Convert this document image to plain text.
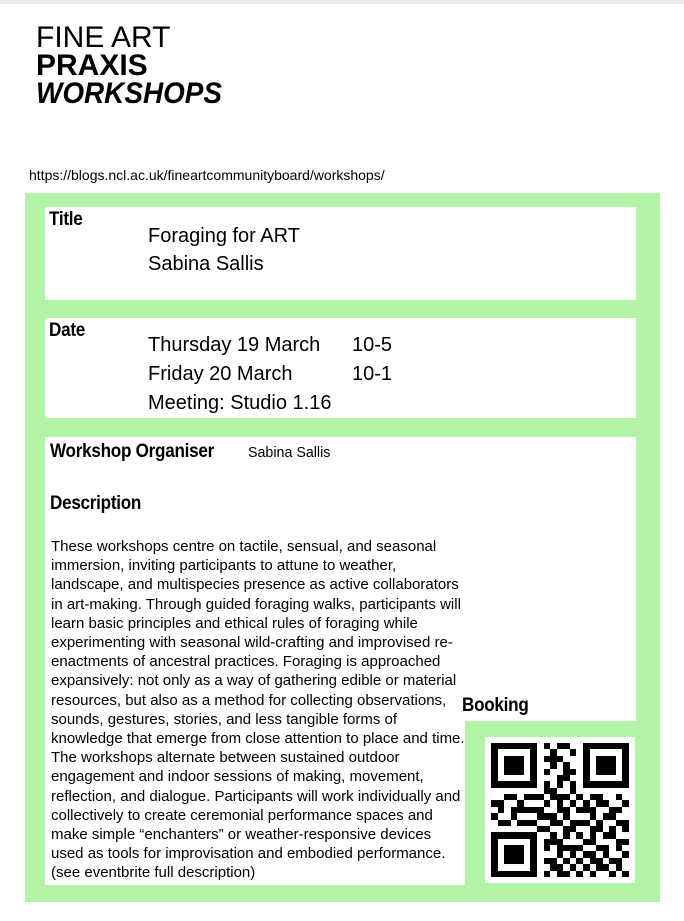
FINE ART
PRAXIS
WORKSHOPS
https://blogs.ncl.ac.uk/fineartcommunityboard/workshops/
Title
Foraging for ART
Sabina Sallis
Date
Thursday 19 March	10-5
Friday 20 March	10-1
Meeting: Studio 1.16
Workshop Organiser Sabina Sallis
Description

These workshops centre on tactile, sensual, and seasonal immersion, inviting participants to attune to weather, landscape, and multispecies presence as active collaborators in art-making. Through guided foraging walks, participants will learn basic principles and ethical rules of foraging while experimenting with seasonal wild-crafting and improvised re-enactments of ancestral practices. Foraging is approached expansively: not only as a way of gathering edible or material resources, but also as a method for collecting observations, sounds, gestures, stories, and less tangible forms of knowledge that emerge from close attention to place and time. The workshops alternate between sustained outdoor engagement and indoor sessions of making, movement, reflection, and dialogue. Participants will work individually and collectively to create ceremonial performance spaces and make simple “enchanters” or weather-responsive devices used as tools for improvisation and embodied performance. (see eventbrite full description)

Booking
